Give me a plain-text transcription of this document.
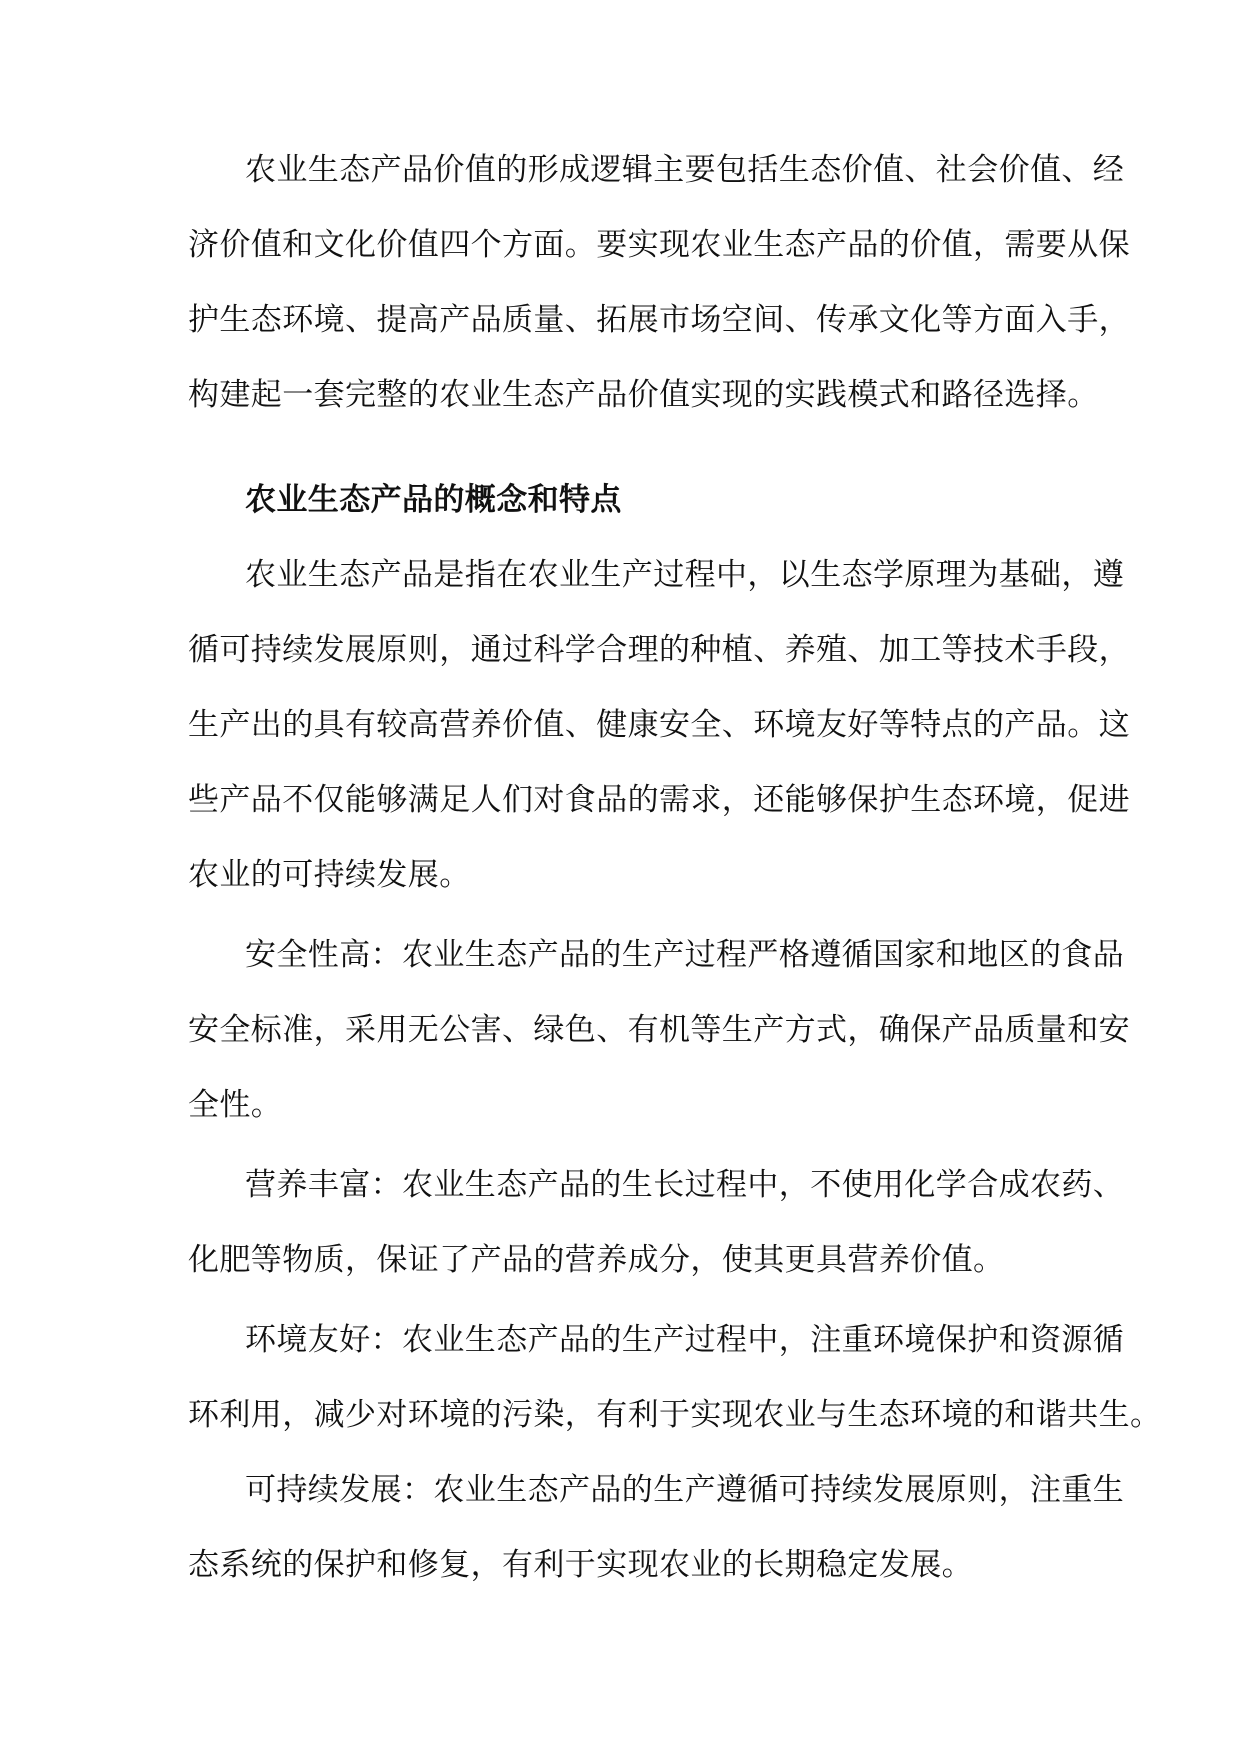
农业生态产品价值的形成逻辑主要包括生态价值、社会价值、经
济价值和文化价值四个方面。要实现农业生态产品的价值，需要从保
护生态环境、提高产品质量、拓展市场空间、传承文化等方面入手，
构建起一套完整的农业生态产品价值实现的实践模式和路径选择。
农业生态产品的概念和特点
农业生态产品是指在农业生产过程中，以生态学原理为基础，遵
循可持续发展原则，通过科学合理的种植、养殖、加工等技术手段，
生产出的具有较高营养价值、健康安全、环境友好等特点的产品。这
些产品不仅能够满足人们对食品的需求，还能够保护生态环境，促进
农业的可持续发展。
安全性高：农业生态产品的生产过程严格遵循国家和地区的食品
安全标准，采用无公害、绿色、有机等生产方式，确保产品质量和安
全性。
营养丰富：农业生态产品的生长过程中，不使用化学合成农药、
化肥等物质，保证了产品的营养成分，使其更具营养价值。
环境友好：农业生态产品的生产过程中，注重环境保护和资源循
环利用，减少对环境的污染，有利于实现农业与生态环境的和谐共生。
可持续发展：农业生态产品的生产遵循可持续发展原则，注重生
态系统的保护和修复，有利于实现农业的长期稳定发展。
